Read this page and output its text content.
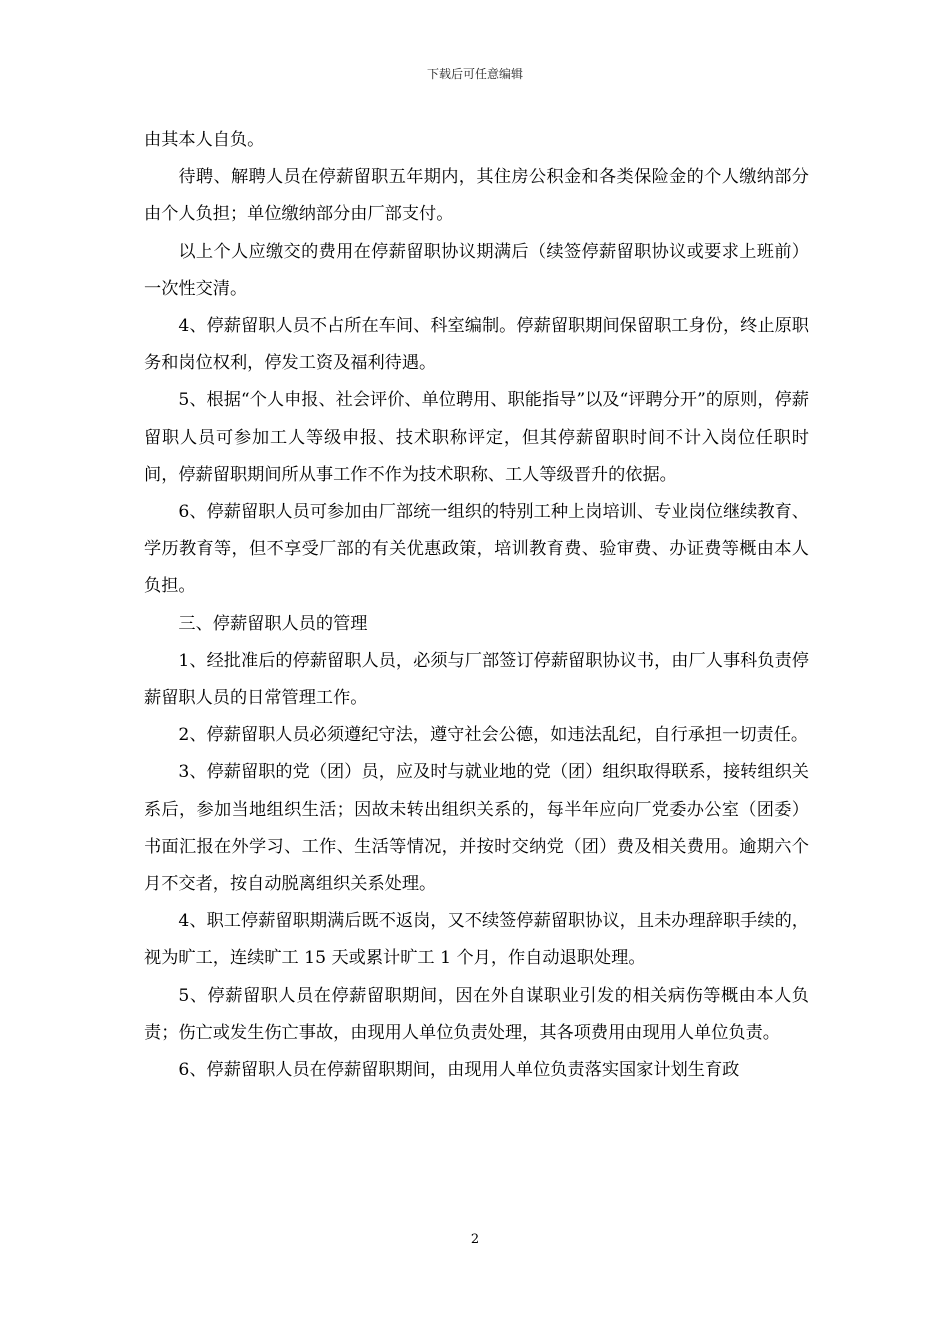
下载后可任意编辑

由其本人自负。

待聘、解聘人员在停薪留职五年期内，其住房公积金和各类保险金的个人缴纳部分由个人负担；单位缴纳部分由厂部支付。

以上个人应缴交的费用在停薪留职协议期满后（续签停薪留职协议或要求上班前）一次性交清。

4、停薪留职人员不占所在车间、科室编制。停薪留职期间保留职工身份，终止原职务和岗位权利，停发工资及福利待遇。

5、根据“个人申报、社会评价、单位聘用、职能指导”以及“评聘分开”的原则，停薪留职人员可参加工人等级申报、技术职称评定，但其停薪留职时间不计入岗位任职时间，停薪留职期间所从事工作不作为技术职称、工人等级晋升的依据。

6、停薪留职人员可参加由厂部统一组织的特别工种上岗培训、专业岗位继续教育、学历教育等，但不享受厂部的有关优惠政策，培训教育费、验审费、办证费等概由本人负担。

三、停薪留职人员的管理

1、经批准后的停薪留职人员，必须与厂部签订停薪留职协议书，由厂人事科负责停薪留职人员的日常管理工作。

2、停薪留职人员必须遵纪守法，遵守社会公德，如违法乱纪，自行承担一切责任。

3、停薪留职的党（团）员，应及时与就业地的党（团）组织取得联系，接转组织关系后，参加当地组织生活；因故未转出组织关系的，每半年应向厂党委办公室（团委）书面汇报在外学习、工作、生活等情况，并按时交纳党（团）费及相关费用。逾期六个月不交者，按自动脱离组织关系处理。

4、职工停薪留职期满后既不返岗，又不续签停薪留职协议，且未办理辞职手续的，视为旷工，连续旷工 15 天或累计旷工 1 个月，作自动退职处理。

5、停薪留职人员在停薪留职期间，因在外自谋职业引发的相关病伤等概由本人负责；伤亡或发生伤亡事故，由现用人单位负责处理，其各项费用由现用人单位负责。

6、停薪留职人员在停薪留职期间，由现用人单位负责落实国家计划生育政

2
